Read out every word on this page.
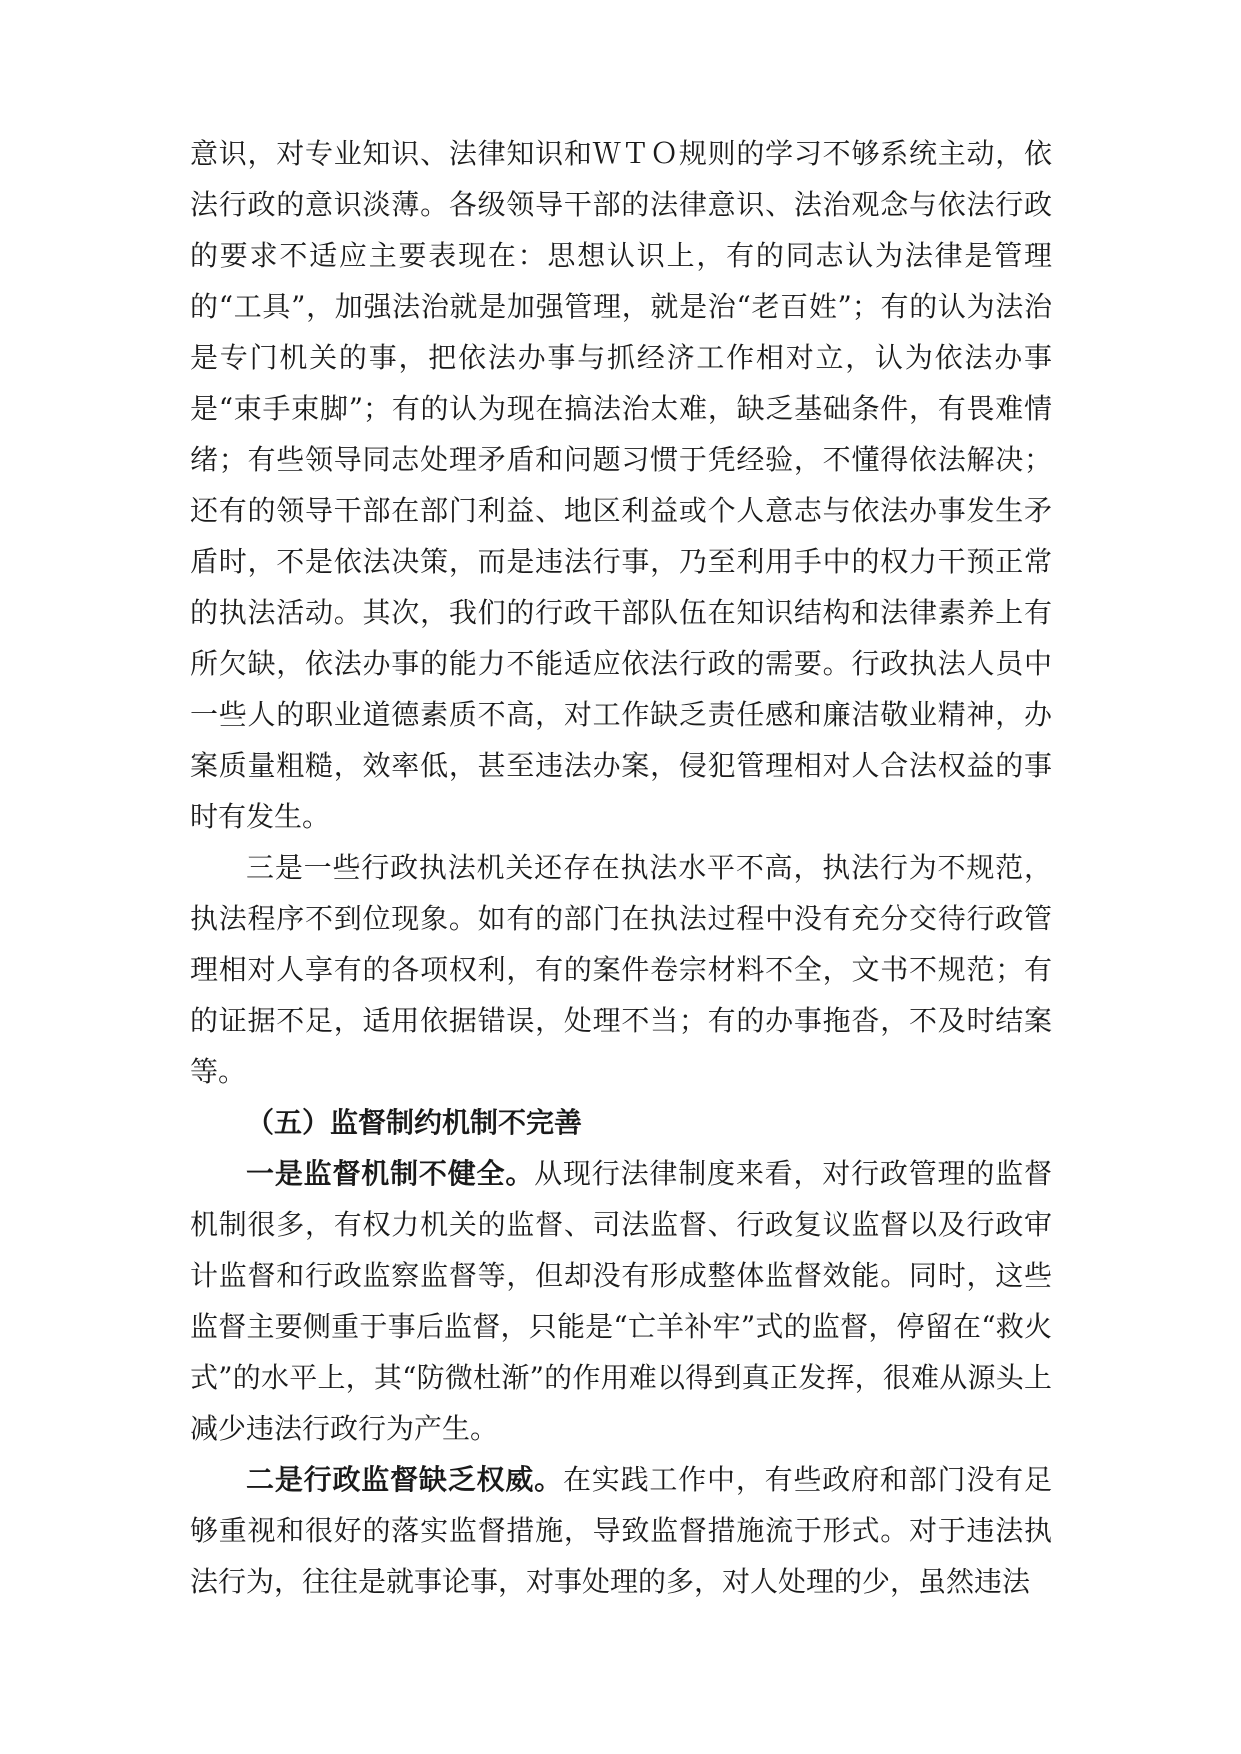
意识，对专业知识、法律知识和ＷＴＯ规则的学习不够系统主动，依法行政的意识淡薄。各级领导干部的法律意识、法治观念与依法行政的要求不适应主要表现在：思想认识上，有的同志认为法律是管理的“工具”，加强法治就是加强管理，就是治“老百姓”；有的认为法治是专门机关的事，把依法办事与抓经济工作相对立，认为依法办事是“束手束脚”；有的认为现在搞法治太难，缺乏基础条件，有畏难情绪；有些领导同志处理矛盾和问题习惯于凭经验，不懂得依法解决；还有的领导干部在部门利益、地区利益或个人意志与依法办事发生矛盾时，不是依法决策，而是违法行事，乃至利用手中的权力干预正常的执法活动。其次，我们的行政干部队伍在知识结构和法律素养上有所欠缺，依法办事的能力不能适应依法行政的需要。行政执法人员中一些人的职业道德素质不高，对工作缺乏责任感和廉洁敬业精神，办案质量粗糙，效率低，甚至违法办案，侵犯管理相对人合法权益的事时有发生。

三是一些行政执法机关还存在执法水平不高，执法行为不规范，执法程序不到位现象。如有的部门在执法过程中没有充分交待行政管理相对人享有的各项权利，有的案件卷宗材料不全，文书不规范；有的证据不足，适用依据错误，处理不当；有的办事拖沓，不及时结案等。

（五）监督制约机制不完善

一是监督机制不健全。从现行法律制度来看，对行政管理的监督机制很多，有权力机关的监督、司法监督、行政复议监督以及行政审计监督和行政监察监督等，但却没有形成整体监督效能。同时，这些监督主要侧重于事后监督，只能是“亡羊补牢”式的监督，停留在“救火式”的水平上，其“防微杜渐”的作用难以得到真正发挥，很难从源头上减少违法行政行为产生。

二是行政监督缺乏权威。在实践工作中，有些政府和部门没有足够重视和很好的落实监督措施，导致监督措施流于形式。对于违法执法行为，往往是就事论事，对事处理的多，对人处理的少，虽然违法
